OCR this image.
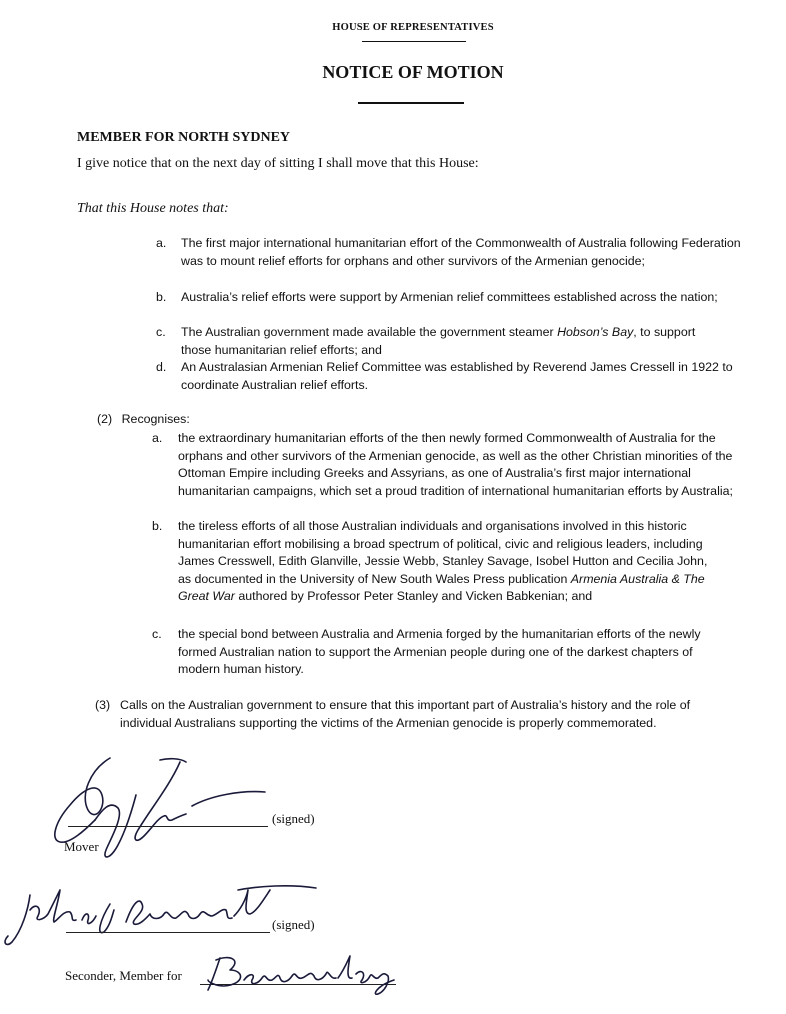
HOUSE OF REPRESENTATIVES
NOTICE OF MOTION
MEMBER FOR NORTH SYDNEY
I give notice that on the next day of sitting I shall move that this House:
That this House notes that:
a. The first major international humanitarian effort of the Commonwealth of Australia following Federation was to mount relief efforts for orphans and other survivors of the Armenian genocide;
b. Australia’s relief efforts were support by Armenian relief committees established across the nation;
c. The Australian government made available the government steamer Hobson’s Bay, to support those humanitarian relief efforts; and
d. An Australasian Armenian Relief Committee was established by Reverend James Cressell in 1922 to coordinate Australian relief efforts.
(2) Recognises:
a. the extraordinary humanitarian efforts of the then newly formed Commonwealth of Australia for the orphans and other survivors of the Armenian genocide, as well as the other Christian minorities of the Ottoman Empire including Greeks and Assyrians, as one of Australia’s first major international humanitarian campaigns, which set a proud tradition of international humanitarian efforts by Australia;
b. the tireless efforts of all those Australian individuals and organisations involved in this historic humanitarian effort mobilising a broad spectrum of political, civic and religious leaders, including James Cresswell, Edith Glanville, Jessie Webb, Stanley Savage, Isobel Hutton and Cecilia John, as documented in the University of New South Wales Press publication Armenia Australia & The Great War authored by Professor Peter Stanley and Vicken Babkenian; and
c. the special bond between Australia and Armenia forged by the humanitarian efforts of the newly formed Australian nation to support the Armenian people during one of the darkest chapters of modern human history.
(3) Calls on the Australian government to ensure that this important part of Australia’s history and the role of individual Australians supporting the victims of the Armenian genocide is properly commemorated.
(signed)
Mover
(signed)
Seconder, Member for
